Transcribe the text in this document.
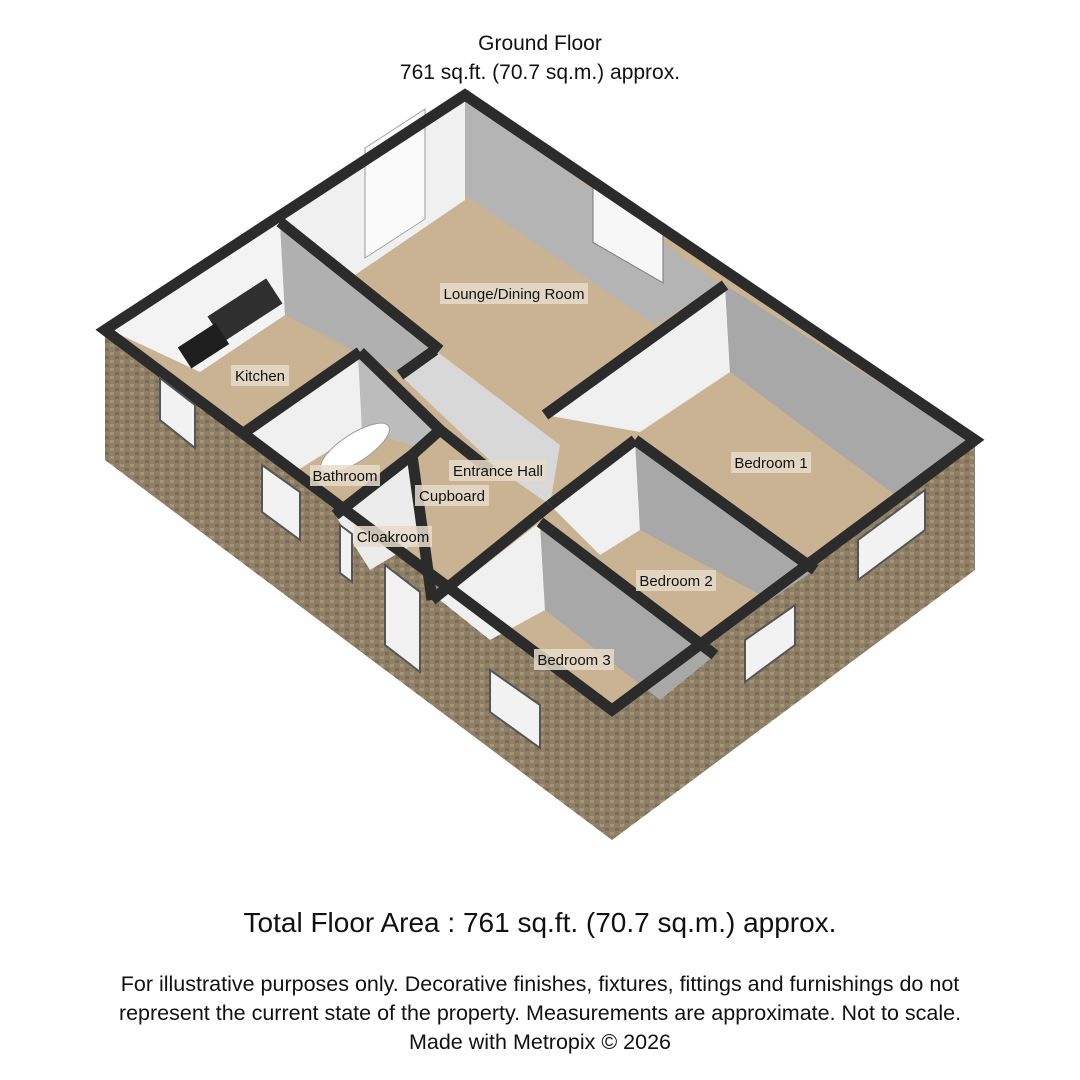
Ground Floor
761 sq.ft. (70.7 sq.m.) approx.
Lounge/Dining Room
Kitchen
Bathroom	Entrance Hall
Cupboard
Cloakroom
Bedroom 1
Bedroom 2
Bedroom 3
Total Floor Area : 761 sq.ft. (70.7 sq.m.) approx.
For illustrative purposes only. Decorative finishes, fixtures, fittings and furnishings do not
represent the current state of the property. Measurements are approximate. Not to scale.
Made with Metropix © 2026
